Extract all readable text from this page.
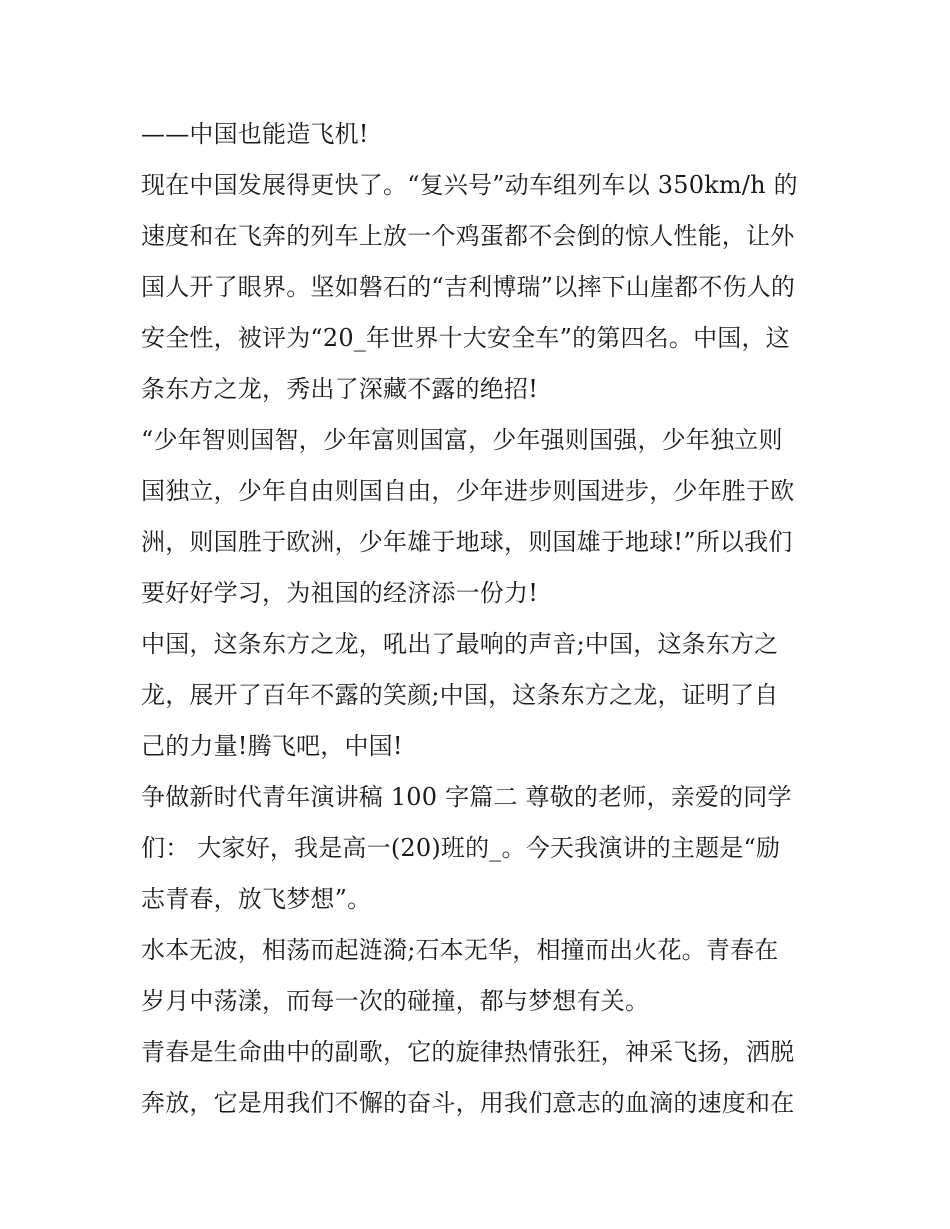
——中国也能造飞机!
现在中国发展得更快了。“复兴号”动车组列车以 350km/h 的
速度和在飞奔的列车上放一个鸡蛋都不会倒的惊人性能，让外
国人开了眼界。坚如磐石的“吉利博瑞”以摔下山崖都不伤人的
安全性，被评为“20_年世界十大安全车”的第四名。中国，这
条东方之龙，秀出了深藏不露的绝招!
“少年智则国智，少年富则国富，少年强则国强，少年独立则
国独立，少年自由则国自由，少年进步则国进步，少年胜于欧
洲，则国胜于欧洲，少年雄于地球，则国雄于地球!”所以我们
要好好学习，为祖国的经济添一份力!
中国，这条东方之龙，吼出了最响的声音;中国，这条东方之
龙，展开了百年不露的笑颜;中国，这条东方之龙，证明了自
己的力量!腾飞吧，中国!
争做新时代青年演讲稿 100 字篇二 尊敬的老师，亲爱的同学
们： 大家好，我是高一(20)班的_。今天我演讲的主题是“励
志青春，放飞梦想”。
水本无波，相荡而起涟漪;石本无华，相撞而出火花。青春在
岁月中荡漾，而每一次的碰撞，都与梦想有关。
青春是生命曲中的副歌，它的旋律热情张狂，神采飞扬，洒脱
奔放，它是用我们不懈的奋斗，用我们意志的血滴的速度和在
